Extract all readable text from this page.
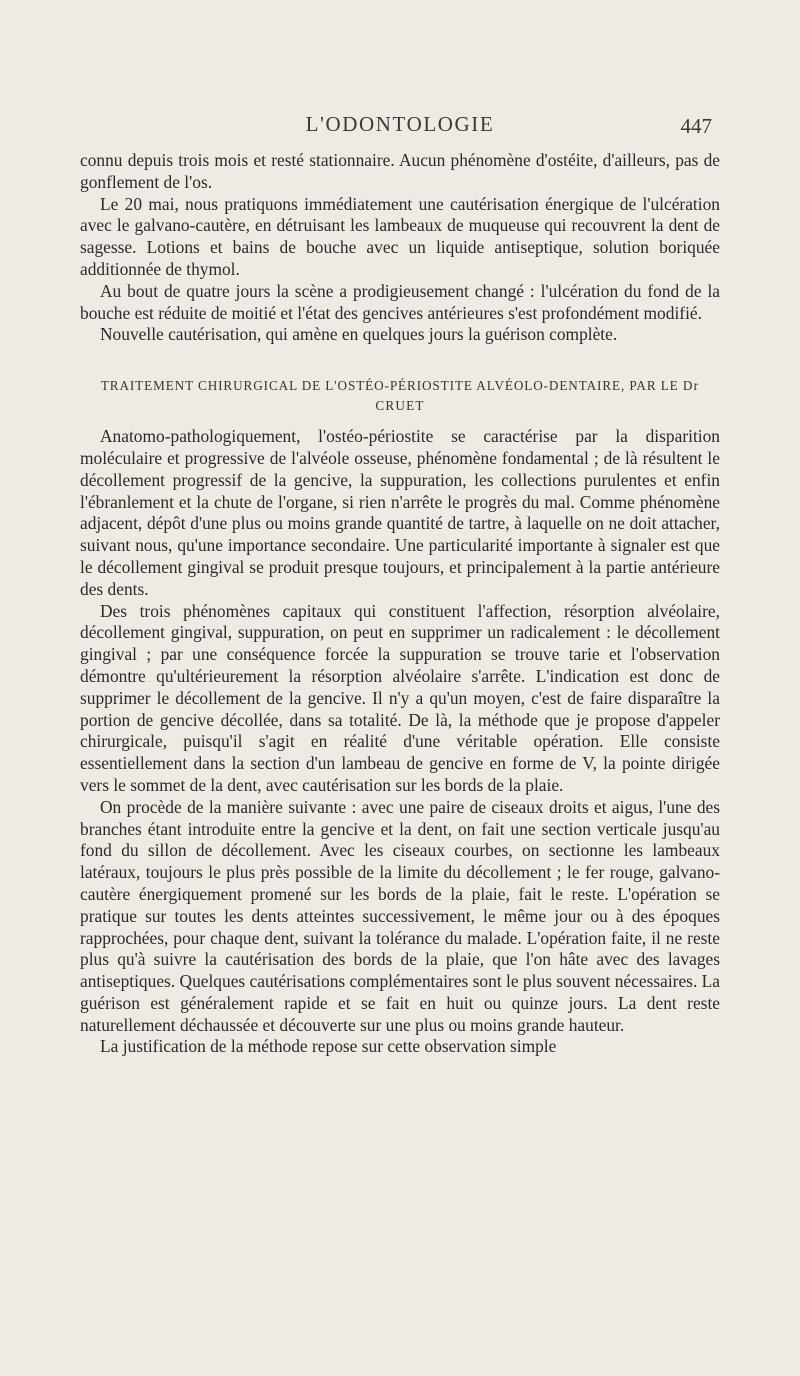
L'ODONTOLOGIE	447

connu depuis trois mois et resté stationnaire. Aucun phénomène d'ostéite, d'ailleurs, pas de gonflement de l'os.

Le 20 mai, nous pratiquons immédiatement une cautérisation énergique de l'ulcération avec le galvano-cautère, en détruisant les lambeaux de muqueuse qui recouvrent la dent de sagesse. Lotions et bains de bouche avec un liquide antiseptique, solution boriquée additionnée de thymol.

Au bout de quatre jours la scène a prodigieusement changé : l'ulcération du fond de la bouche est réduite de moitié et l'état des gencives antérieures s'est profondément modifié.

Nouvelle cautérisation, qui amène en quelques jours la guérison complète.

TRAITEMENT CHIRURGICAL DE L'OSTÉO-PÉRIOSTITE ALVÉOLO-DENTAIRE, PAR LE Dr CRUET

Anatomo-pathologiquement, l'ostéo-périostite se caractérise par la disparition moléculaire et progressive de l'alvéole osseuse, phénomène fondamental ; de là résultent le décollement progressif de la gencive, la suppuration, les collections purulentes et enfin l'ébranlement et la chute de l'organe, si rien n'arrête le progrès du mal. Comme phénomène adjacent, dépôt d'une plus ou moins grande quantité de tartre, à laquelle on ne doit attacher, suivant nous, qu'une importance secondaire. Une particularité importante à signaler est que le décollement gingival se produit presque toujours, et principalement à la partie antérieure des dents.

Des trois phénomènes capitaux qui constituent l'affection, résorption alvéolaire, décollement gingival, suppuration, on peut en supprimer un radicalement : le décollement gingival ; par une conséquence forcée la suppuration se trouve tarie et l'observation démontre qu'ultérieurement la résorption alvéolaire s'arrête. L'indication est donc de supprimer le décollement de la gencive. Il n'y a qu'un moyen, c'est de faire disparaître la portion de gencive décollée, dans sa totalité. De là, la méthode que je propose d'appeler chirurgicale, puisqu'il s'agit en réalité d'une véritable opération. Elle consiste essentiellement dans la section d'un lambeau de gencive en forme de V, la pointe dirigée vers le sommet de la dent, avec cautérisation sur les bords de la plaie.

On procède de la manière suivante : avec une paire de ciseaux droits et aigus, l'une des branches étant introduite entre la gencive et la dent, on fait une section verticale jusqu'au fond du sillon de décollement. Avec les ciseaux courbes, on sectionne les lambeaux latéraux, toujours le plus près possible de la limite du décollement ; le fer rouge, galvano-cautère énergiquement promené sur les bords de la plaie, fait le reste. L'opération se pratique sur toutes les dents atteintes successivement, le même jour ou à des époques rapprochées, pour chaque dent, suivant la tolérance du malade. L'opération faite, il ne reste plus qu'à suivre la cautérisation des bords de la plaie, que l'on hâte avec des lavages antiseptiques. Quelques cautérisations complémentaires sont le plus souvent nécessaires. La guérison est généralement rapide et se fait en huit ou quinze jours. La dent reste naturellement déchaussée et découverte sur une plus ou moins grande hauteur.

La justification de la méthode repose sur cette observation simple
